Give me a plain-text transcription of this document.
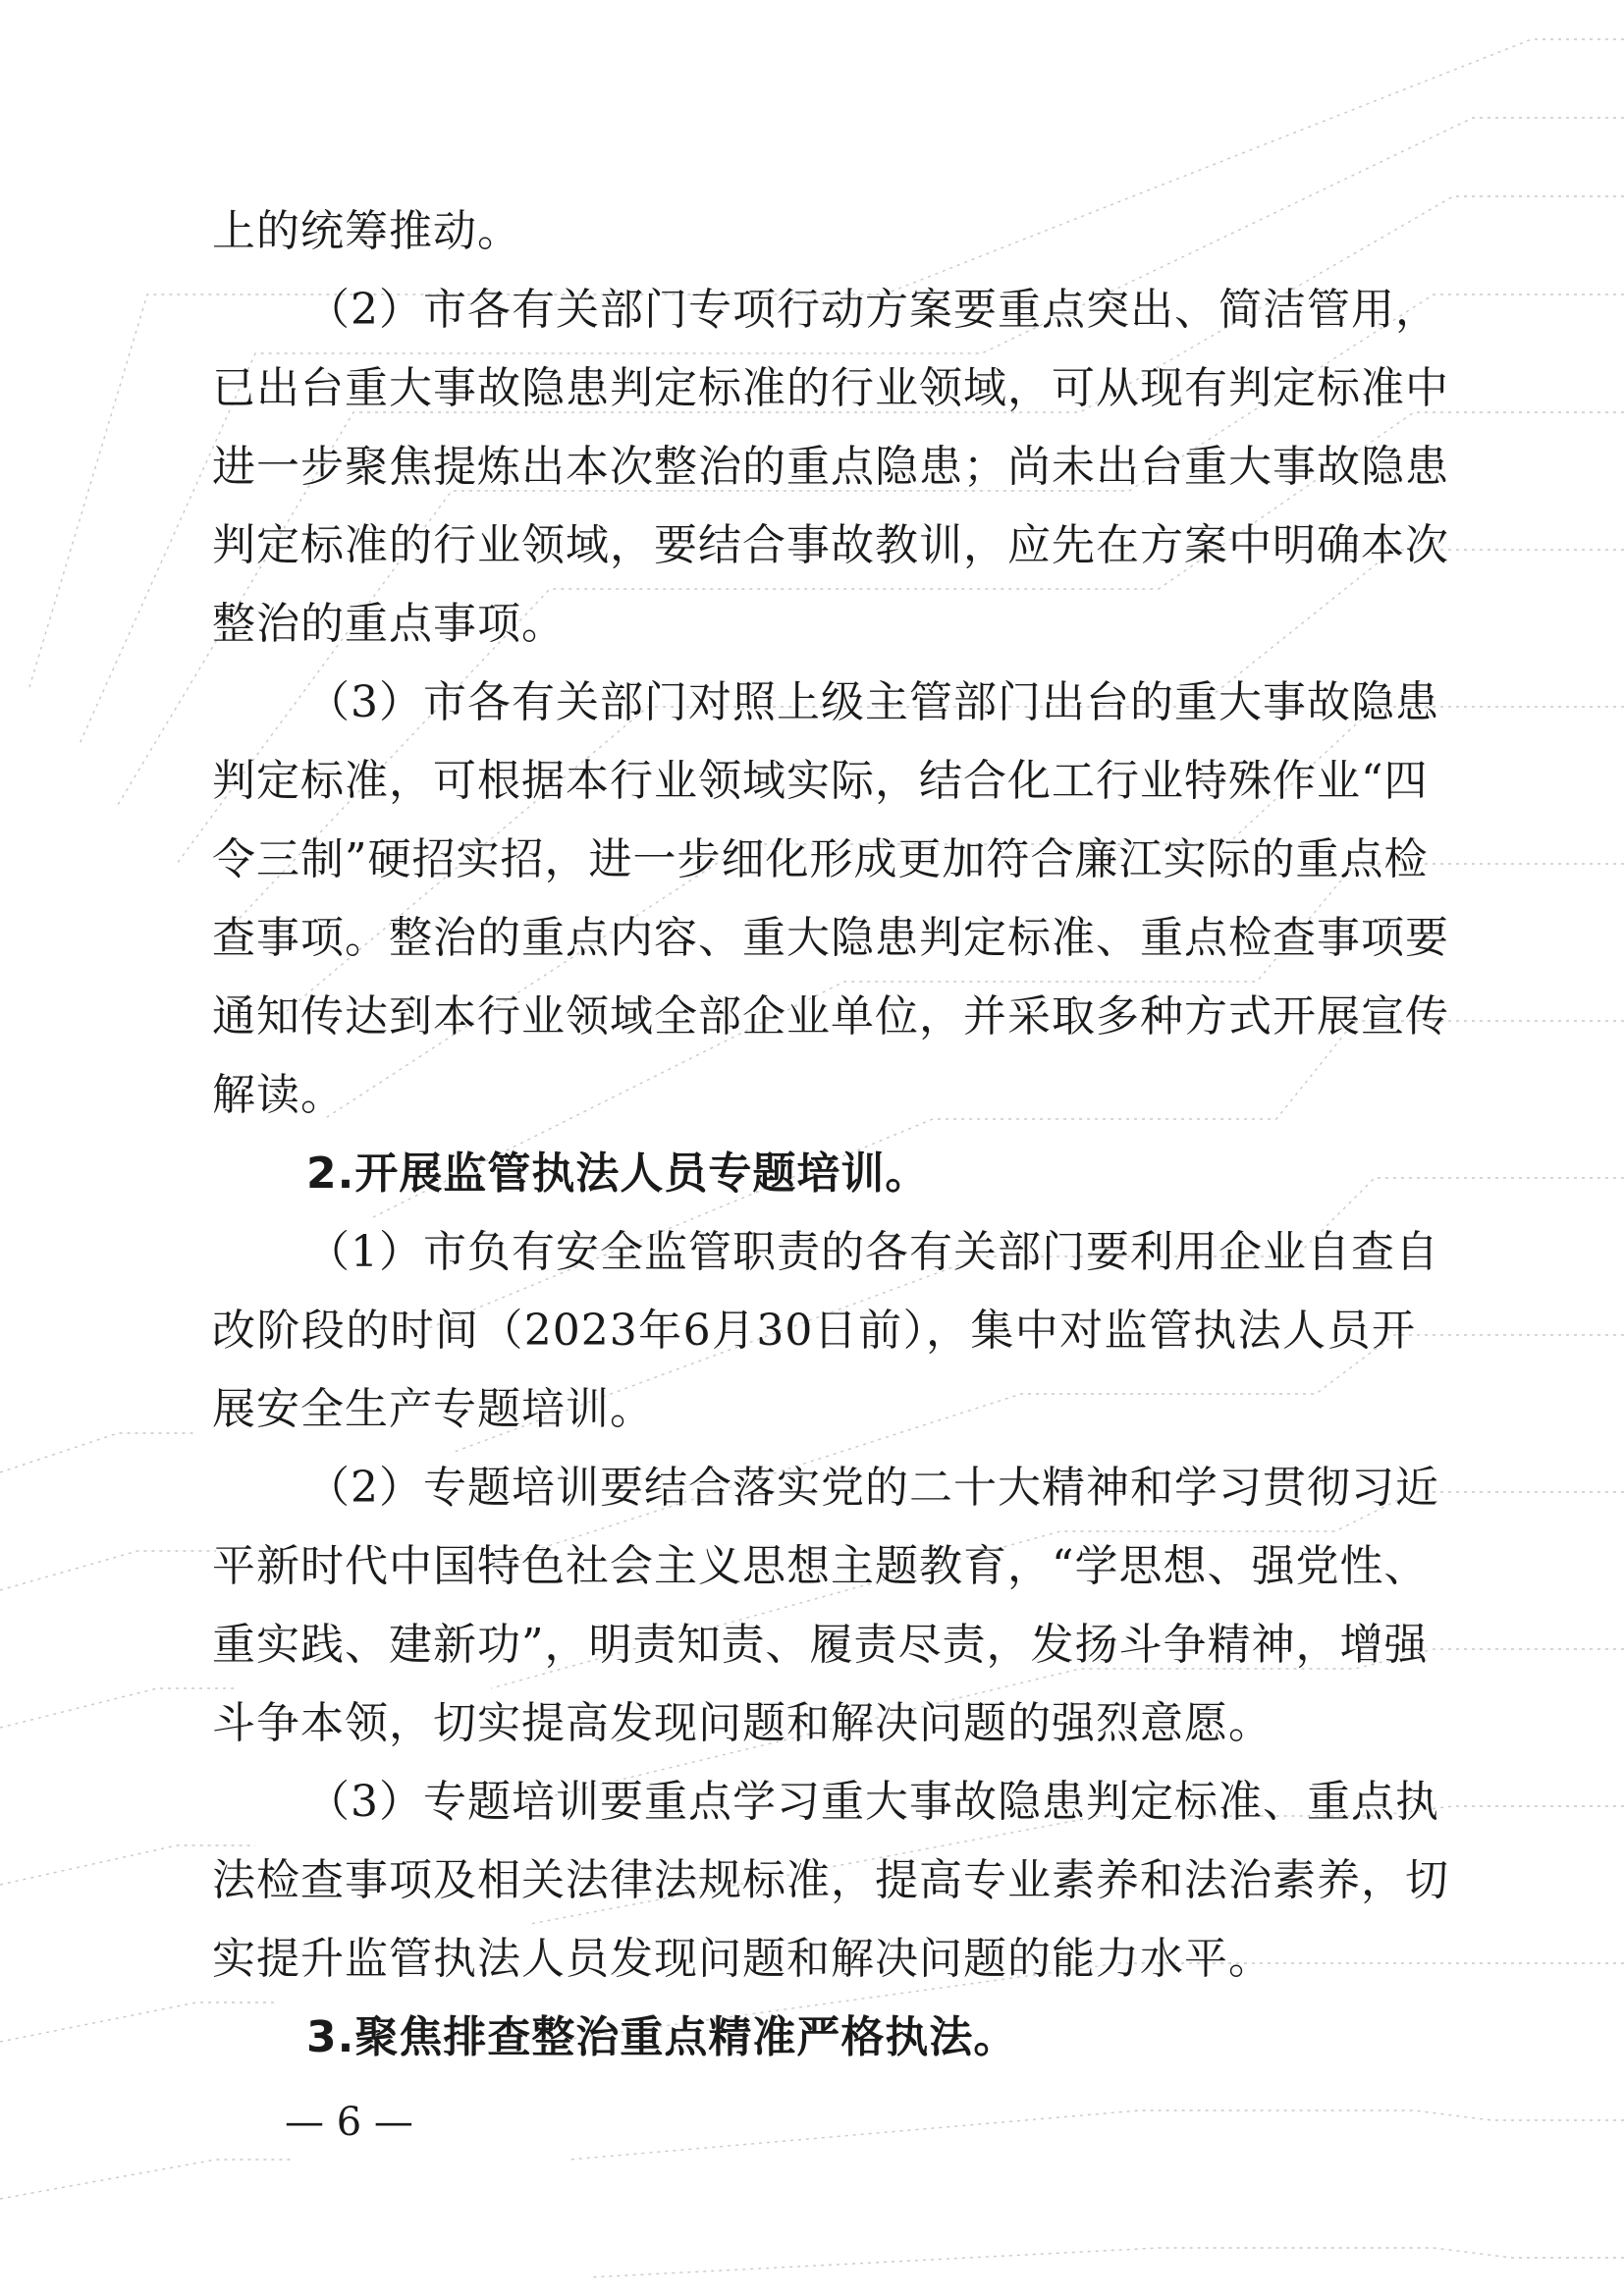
上的统筹推动。
（2）市各有关部门专项行动方案要重点突出、简洁管用，
已出台重大事故隐患判定标准的行业领域，可从现有判定标准中
进一步聚焦提炼出本次整治的重点隐患；尚未出台重大事故隐患
判定标准的行业领域，要结合事故教训，应先在方案中明确本次
整治的重点事项。
（3）市各有关部门对照上级主管部门出台的重大事故隐患
判定标准，可根据本行业领域实际，结合化工行业特殊作业“四
令三制”硬招实招，进一步细化形成更加符合廉江实际的重点检
查事项。整治的重点内容、重大隐患判定标准、重点检查事项要
通知传达到本行业领域全部企业单位，并采取多种方式开展宣传
解读。
2.开展监管执法人员专题培训。
（1）市负有安全监管职责的各有关部门要利用企业自查自
改阶段的时间（2023年6月30日前），集中对监管执法人员开
展安全生产专题培训。
（2）专题培训要结合落实党的二十大精神和学习贯彻习近
平新时代中国特色社会主义思想主题教育，“学思想、强党性、
重实践、建新功”，明责知责、履责尽责，发扬斗争精神，增强
斗争本领，切实提高发现问题和解决问题的强烈意愿。
（3）专题培训要重点学习重大事故隐患判定标准、重点执
法检查事项及相关法律法规标准，提高专业素养和法治素养，切
实提升监管执法人员发现问题和解决问题的能力水平。
3.聚焦排查整治重点精准严格执法。
— 6 —
